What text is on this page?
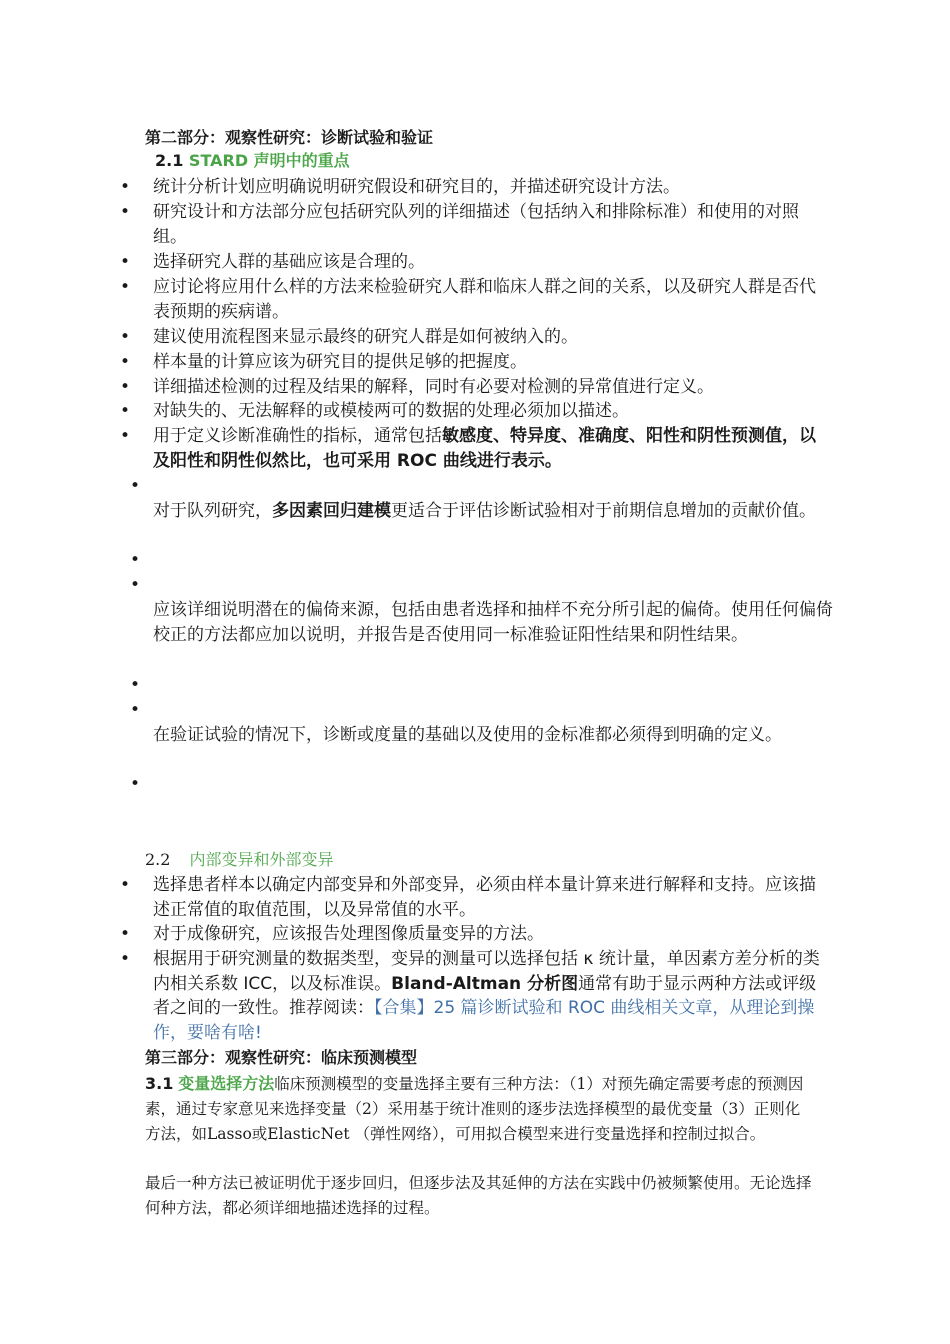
第二部分：观察性研究：诊断试验和验证
2.1 STARD 声明中的重点
•	统计分析计划应明确说明研究假设和研究目的，并描述研究设计方法。
•	研究设计和方法部分应包括研究队列的详细描述（包括纳入和排除标准）和使用的对照组。
•	选择研究人群的基础应该是合理的。
•	应讨论将应用什么样的方法来检验研究人群和临床人群之间的关系，以及研究人群是否代表预期的疾病谱。
•	建议使用流程图来显示最终的研究人群是如何被纳入的。
•	样本量的计算应该为研究目的提供足够的把握度。
•	详细描述检测的过程及结果的解释，同时有必要对检测的异常值进行定义。
•	对缺失的、无法解释的或模棱两可的数据的处理必须加以描述。
•	用于定义诊断准确性的指标，通常包括敏感度、特异度、准确度、阳性和阴性预测值，以及阳性和阴性似然比，也可采用 ROC 曲线进行表示。
•
对于队列研究，多因素回归建模更适合于评估诊断试验相对于前期信息增加的贡献价值。
•
•
应该详细说明潜在的偏倚来源，包括由患者选择和抽样不充分所引起的偏倚。使用任何偏倚校正的方法都应加以说明，并报告是否使用同一标准验证阳性结果和阴性结果。
•
•
在验证试验的情况下，诊断或度量的基础以及使用的金标准都必须得到明确的定义。
•
2.2 内部变异和外部变异
•	选择患者样本以确定内部变异和外部变异，必须由样本量计算来进行解释和支持。应该描述正常值的取值范围，以及异常值的水平。
•	对于成像研究，应该报告处理图像质量变异的方法。
•	根据用于研究测量的数据类型，变异的测量可以选择包括 κ 统计量，单因素方差分析的类内相关系数 ICC，以及标准误。Bland-Altman 分析图通常有助于显示两种方法或评级者之间的一致性。推荐阅读：【合集】25 篇诊断试验和 ROC 曲线相关文章，从理论到操作，要啥有啥!
第三部分：观察性研究：临床预测模型
3.1 变量选择方法临床预测模型的变量选择主要有三种方法：（1）对预先确定需要考虑的预测因素，通过专家意见来选择变量（2）采用基于统计准则的逐步法选择模型的最优变量（3）正则化方法，如Lasso或ElasticNet （弹性网络），可用拟合模型来进行变量选择和控制过拟合。
最后一种方法已被证明优于逐步回归，但逐步法及其延伸的方法在实践中仍被频繁使用。无论选择何种方法，都必须详细地描述选择的过程。
